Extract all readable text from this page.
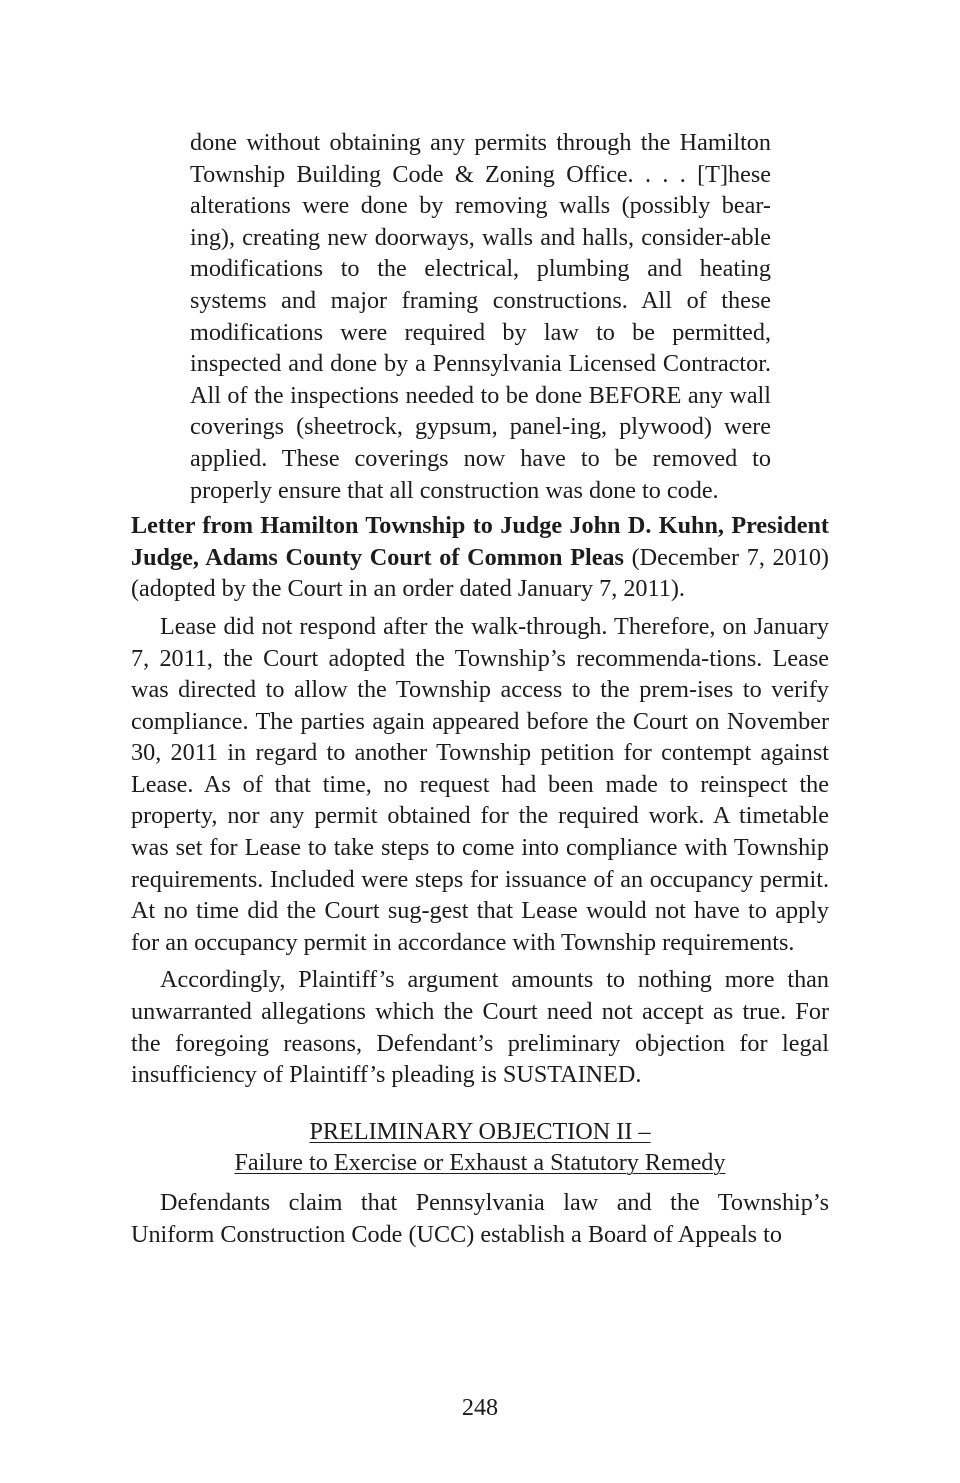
done without obtaining any permits through the Hamilton Township Building Code & Zoning Office. . . . [T]hese alterations were done by removing walls (possibly bear-ing), creating new doorways, walls and halls, consider-able modifications to the electrical, plumbing and heating systems and major framing constructions. All of these modifications were required by law to be permitted, inspected and done by a Pennsylvania Licensed Contractor. All of the inspections needed to be done BEFORE any wall coverings (sheetrock, gypsum, panel-ing, plywood) were applied. These coverings now have to be removed to properly ensure that all construction was done to code.

Letter from Hamilton Township to Judge John D. Kuhn, President Judge, Adams County Court of Common Pleas (December 7, 2010) (adopted by the Court in an order dated January 7, 2011).

Lease did not respond after the walk-through. Therefore, on January 7, 2011, the Court adopted the Township’s recommenda-tions. Lease was directed to allow the Township access to the prem-ises to verify compliance. The parties again appeared before the Court on November 30, 2011 in regard to another Township petition for contempt against Lease. As of that time, no request had been made to reinspect the property, nor any permit obtained for the required work. A timetable was set for Lease to take steps to come into compliance with Township requirements. Included were steps for issuance of an occupancy permit. At no time did the Court sug-gest that Lease would not have to apply for an occupancy permit in accordance with Township requirements.

Accordingly, Plaintiff’s argument amounts to nothing more than unwarranted allegations which the Court need not accept as true. For the foregoing reasons, Defendant’s preliminary objection for legal insufficiency of Plaintiff’s pleading is SUSTAINED.

PRELIMINARY OBJECTION II –
Failure to Exercise or Exhaust a Statutory Remedy

Defendants claim that Pennsylvania law and the Township’s Uniform Construction Code (UCC) establish a Board of Appeals to

248
